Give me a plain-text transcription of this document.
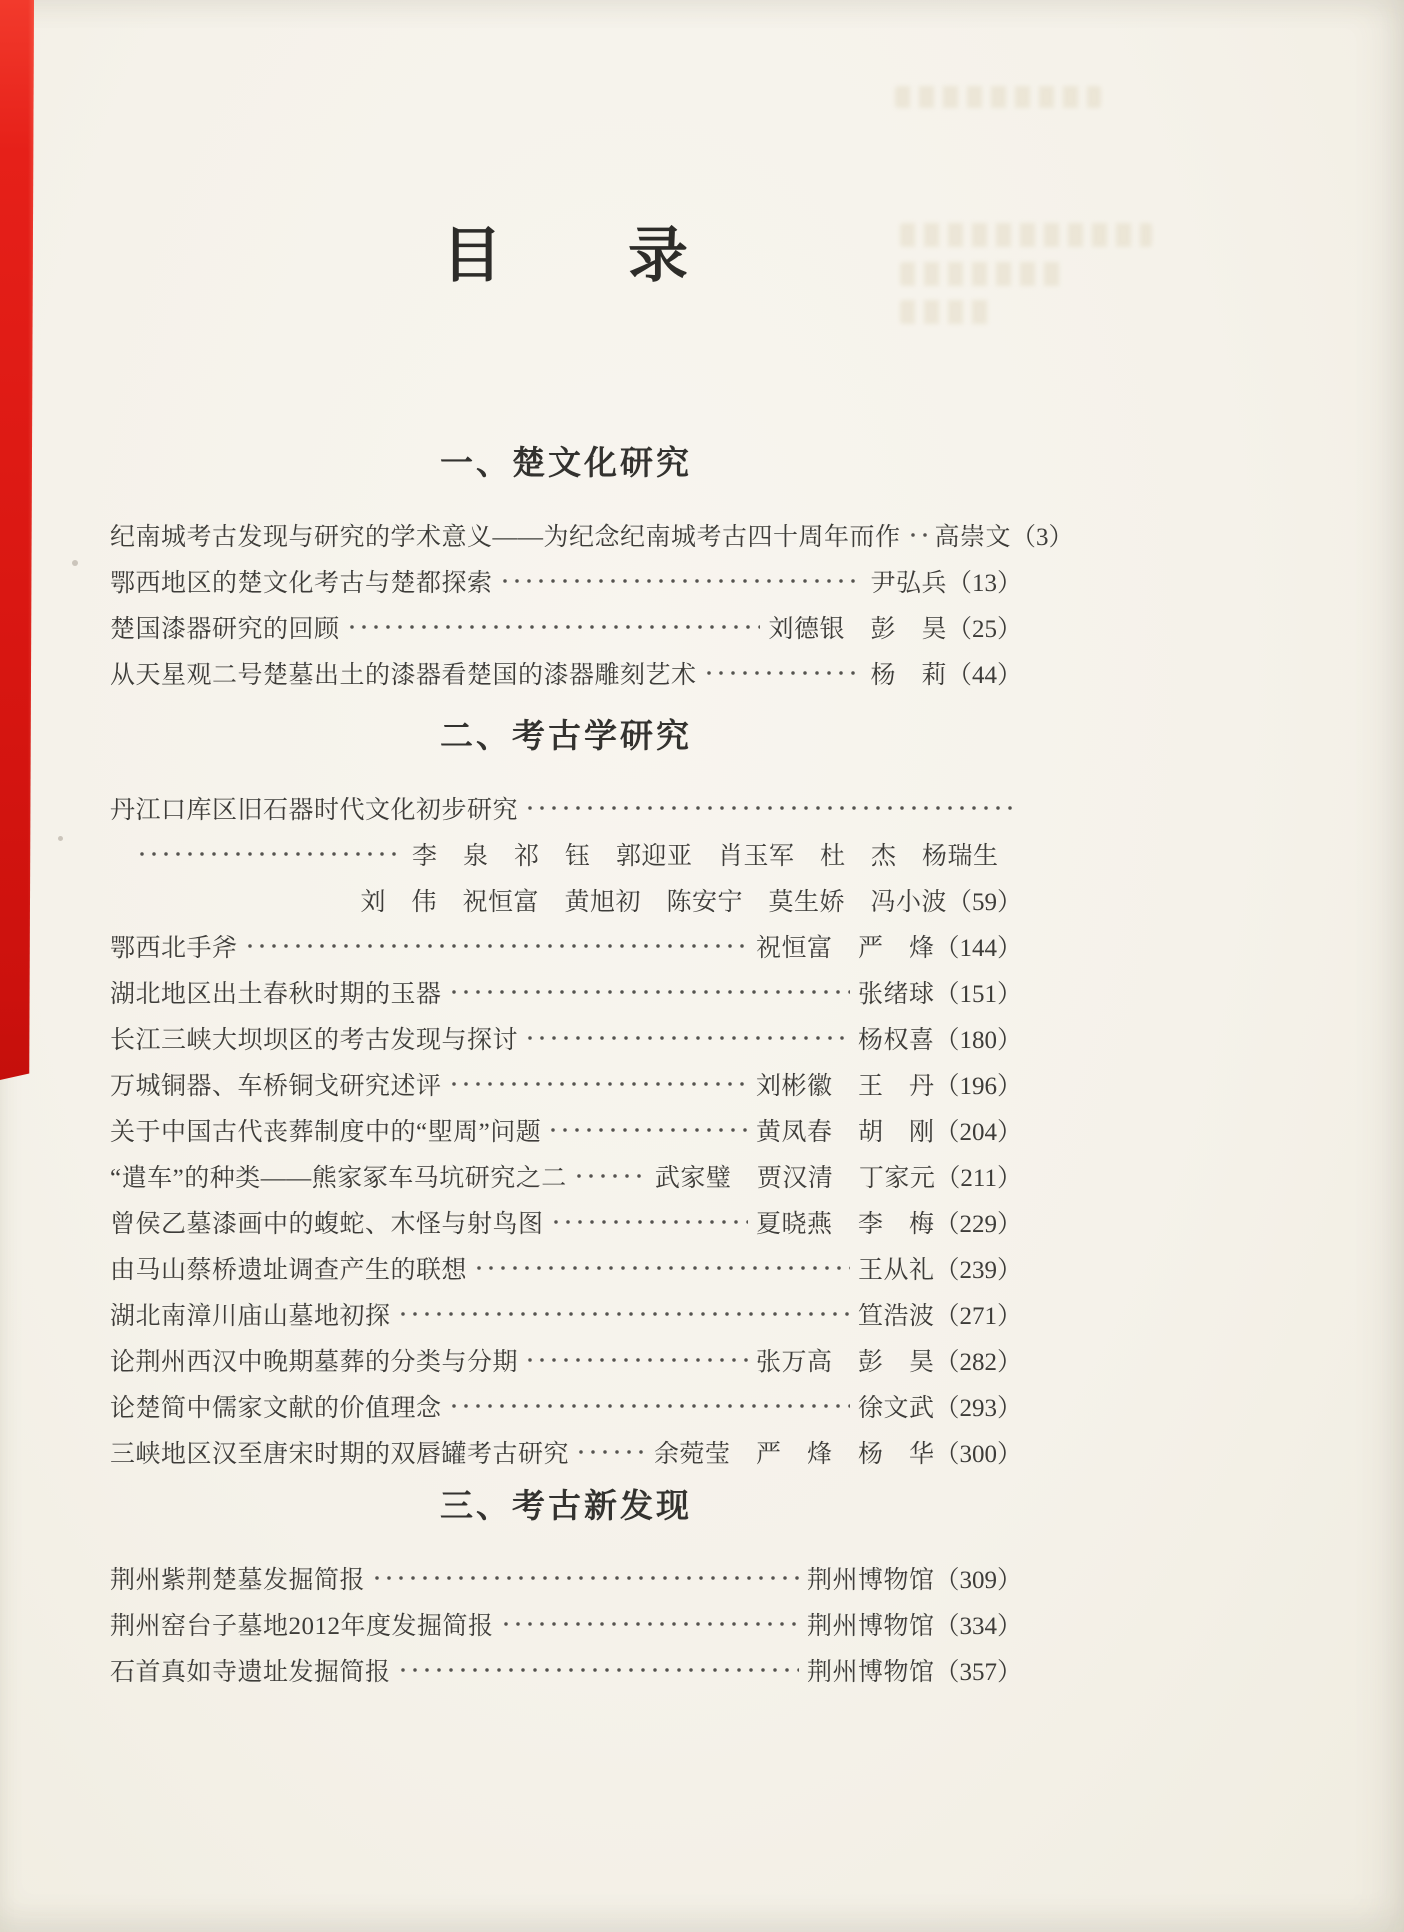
目　　录
一、楚文化研究
纪南城考古发现与研究的学术意义——为纪念纪南城考古四十周年而作 高崇文 （3）
鄂西地区的楚文化考古与楚都探索	尹弘兵 （13）
楚国漆器研究的回顾	刘德银　彭　昊 （25）
从天星观二号楚墓出土的漆器看楚国的漆器雕刻艺术	杨　莉 （44）
二、考古学研究
丹江口库区旧石器时代文化初步研究
李　泉　祁　钰　郭迎亚　肖玉军　杜　杰　杨瑞生
刘　伟　祝恒富　黄旭初　陈安宁　莫生娇　冯小波 （59）
鄂西北手斧	祝恒富　严　烽 （144）
湖北地区出土春秋时期的玉器	张绪球 （151）
长江三峡大坝坝区的考古发现与探讨	杨权喜 （180）
万城铜器、车桥铜戈研究述评	刘彬徽　王　丹 （196）
关于中国古代丧葬制度中的“堲周”问题	黄凤春　胡　刚 （204）
“遣车”的种类——熊家冢车马坑研究之二	武家璧　贾汉清　丁家元 （211）
曾侯乙墓漆画中的蝮蛇、木怪与射鸟图	夏晓燕　李　梅 （229）
由马山蔡桥遗址调查产生的联想	王从礼 （239）
湖北南漳川庙山墓地初探	笪浩波 （271）
论荆州西汉中晚期墓葬的分类与分期	张万高　彭　昊 （282）
论楚简中儒家文献的价值理念	徐文武 （293）
三峡地区汉至唐宋时期的双唇罐考古研究	余菀莹　严　烽　杨　华 （300）
三、考古新发现
荆州紫荆楚墓发掘简报	荆州博物馆 （309）
荆州窑台子墓地2012年度发掘简报	荆州博物馆 （334）
石首真如寺遗址发掘简报	荆州博物馆 （357）
